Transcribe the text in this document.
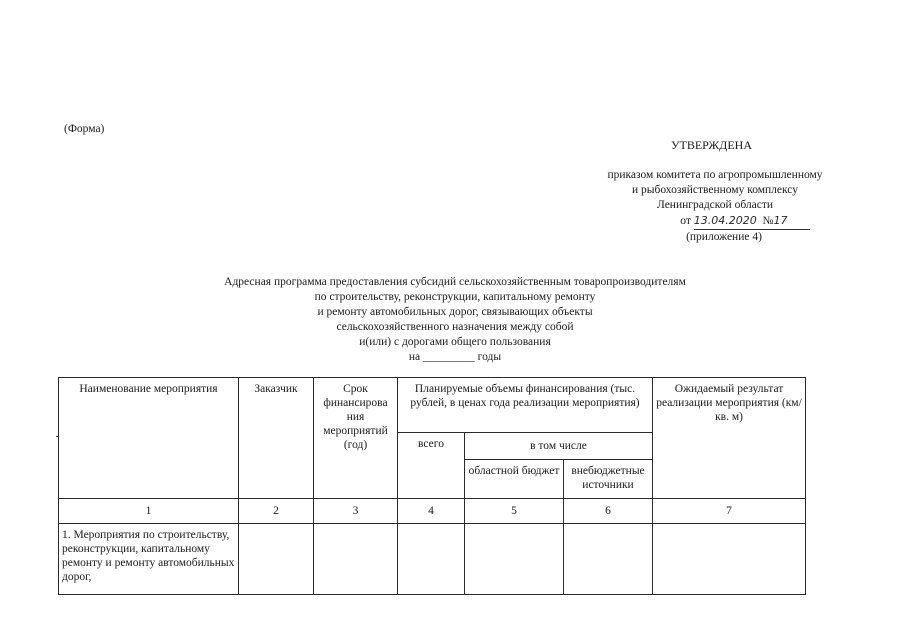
(Форма)
УТВЕРЖДЕНА
приказом комитета по агропромышленному
и рыбохозяйственному комплексу
Ленинградской области
от 13.04.2020 №17
(приложение 4)
Адресная программа предоставления субсидий сельскохозяйственным товаропроизводителям
по строительству, реконструкции, капитальному ремонту
и ремонту автомобильных дорог, связывающих объекты
сельскохозяйственного назначения между собой
и(или) с дорогами общего пользования
на _________ годы
Наименование мероприятия	Заказчик	Срок финансирова ния мероприятий (год)	Планируемые объемы финансирования (тыс. рублей, в ценах года реализации мероприятия)			Ожидаемый результат реализации мероприятия (км/кв. м)
			всего	в том числе		
				областной бюджет	внебюджетные источники	
1	2	3	4	5	6	7
1. Мероприятия по строительству, реконструкции, капитальному ремонту и ремонту автомобильных дорог,						
